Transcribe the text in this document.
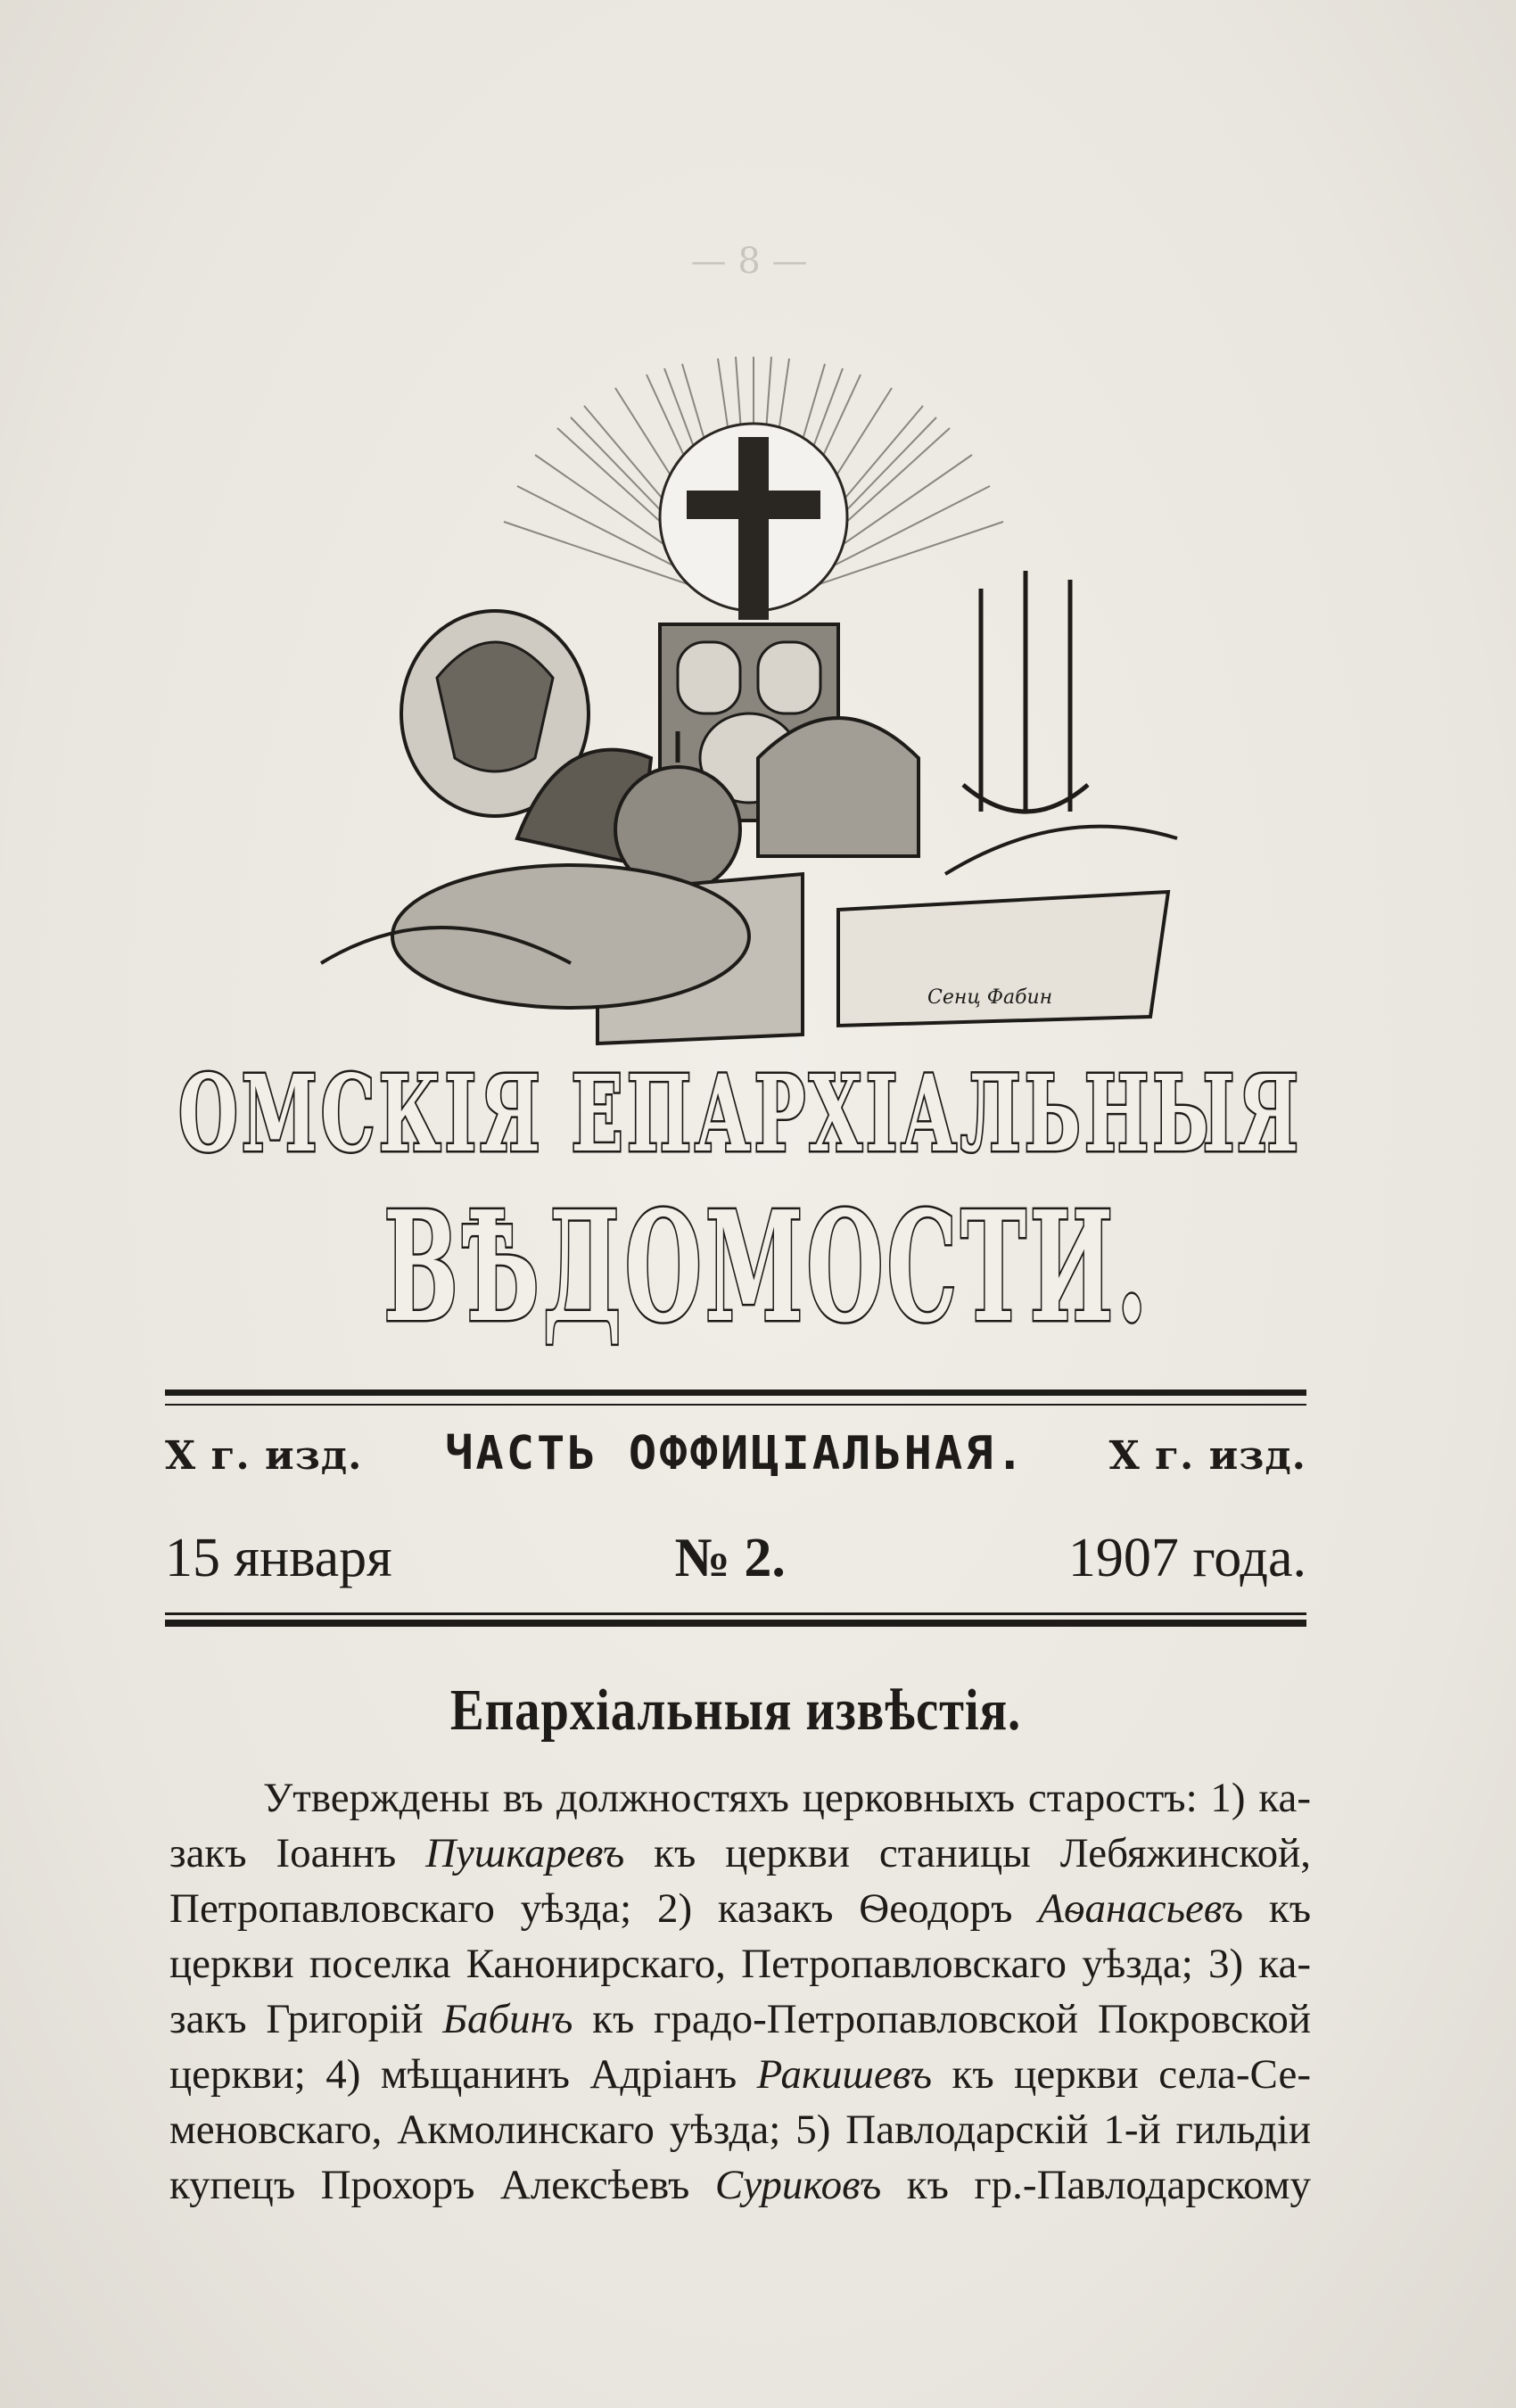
— 8 —
Сенц Фабин
ОМСКІЯ ЕПАРХІАЛЬНЫЯ
ВѢДОМОСТИ.
X г. изд. ЧАСТЬ ОФФИЦІАЛЬНАЯ. X г. изд.
15 января	№ 2.	1907 года.
Епархіальныя извѣстія.
Утверждены въ должностяхъ церковныхъ старостъ: 1) ка-
закъ Іоаннъ Пушкаревъ къ церкви станицы Лебяжинской,
Петропавловскаго уѣзда; 2) казакъ Ѳеодоръ Аѳанасьевъ къ
церкви поселка Канонирскаго, Петропавловскаго уѣзда; 3) ка-
закъ Григорій Бабинъ къ градо-Петропавловской Покровской
церкви; 4) мѣщанинъ Адріанъ Ракишевъ къ церкви села-Се-
меновскаго, Акмолинскаго уѣзда; 5) Павлодарскій 1-й гильдіи
купецъ Прохоръ Алексѣевъ Суриковъ къ гр.-Павлодарскому
